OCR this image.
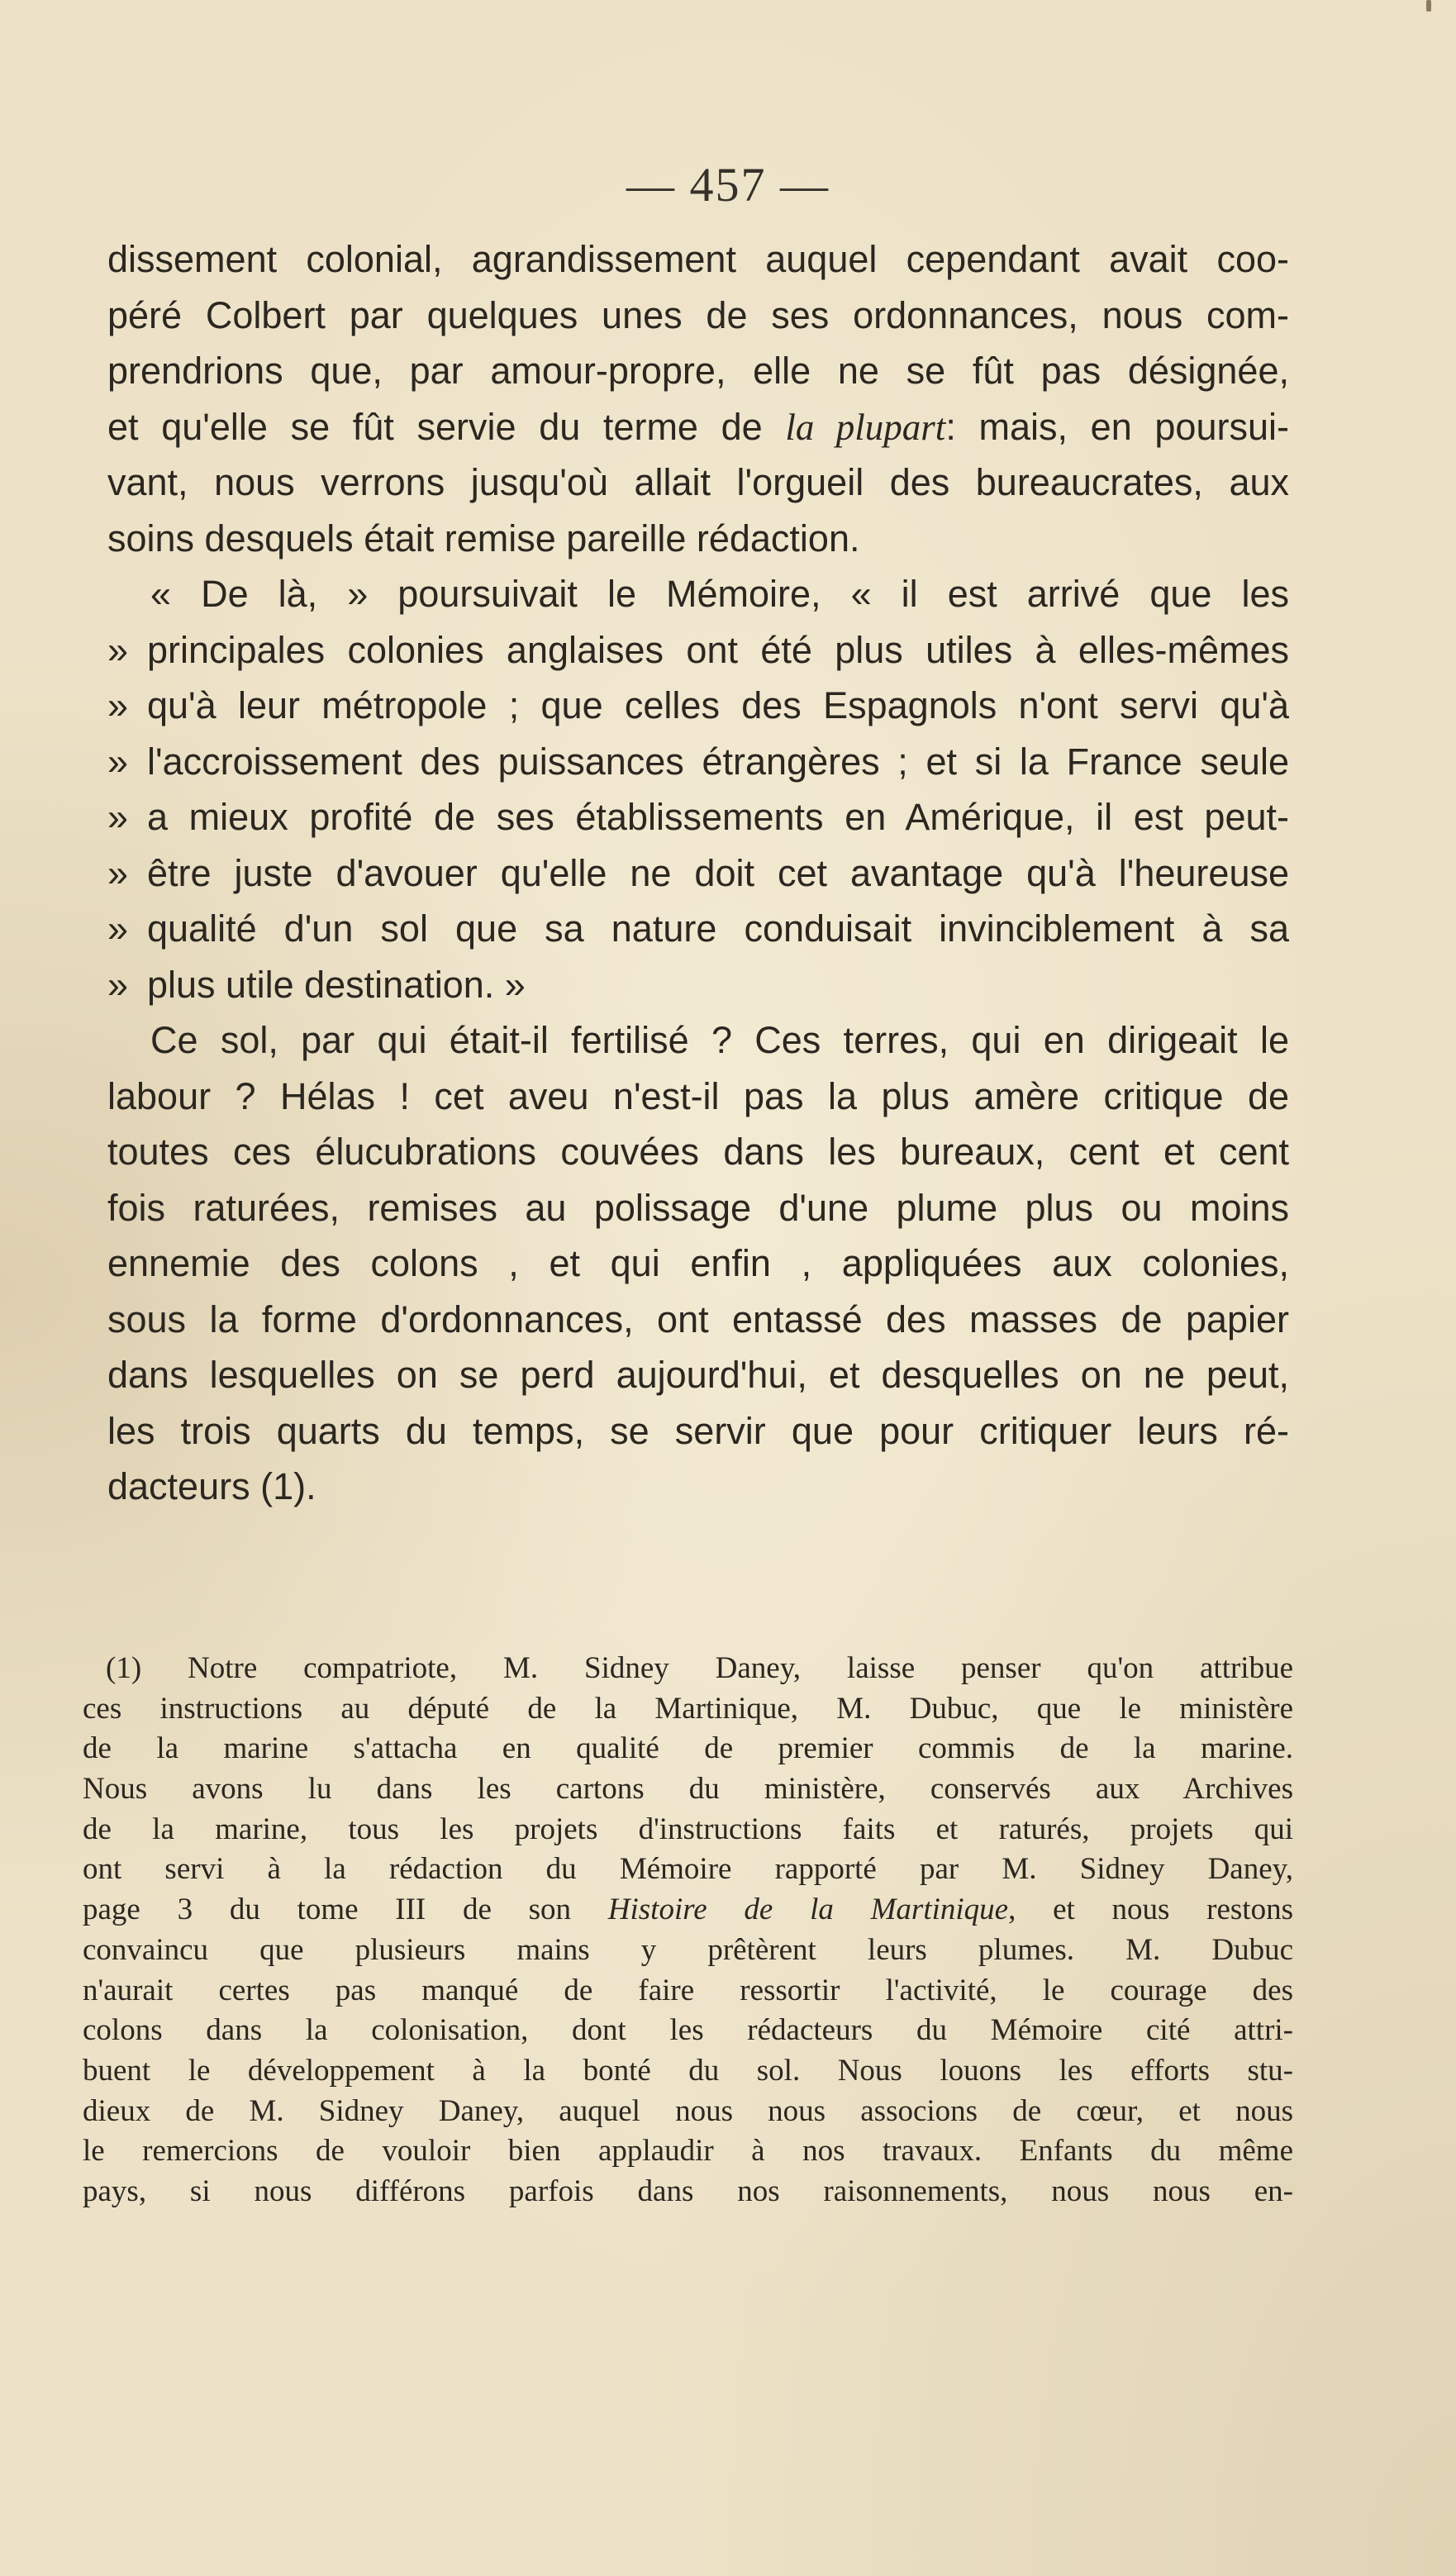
— 457 —
dissement colonial, agrandissement auquel cependant avait coo-
péré Colbert par quelques unes de ses ordonnances, nous com-
prendrions que, par amour-propre, elle ne se fût pas désignée,
et qu'elle se fût servie du terme de la plupart: mais, en poursui-
vant, nous verrons jusqu'où allait l'orgueil des bureaucrates, aux
soins desquels était remise pareille rédaction.
« De là, » poursuivait le Mémoire, « il est arrivé que les
» principales colonies anglaises ont été plus utiles à elles-mêmes
» qu'à leur métropole ; que celles des Espagnols n'ont servi qu'à
» l'accroissement des puissances étrangères ; et si la France seule
» a mieux profité de ses établissements en Amérique, il est peut-
» être juste d'avouer qu'elle ne doit cet avantage qu'à l'heureuse
» qualité d'un sol que sa nature conduisait invinciblement à sa
» plus utile destination. »
Ce sol, par qui était-il fertilisé ? Ces terres, qui en dirigeait le
labour ? Hélas ! cet aveu n'est-il pas la plus amère critique de
toutes ces élucubrations couvées dans les bureaux, cent et cent
fois raturées, remises au polissage d'une plume plus ou moins
ennemie des colons , et qui enfin , appliquées aux colonies,
sous la forme d'ordonnances, ont entassé des masses de papier
dans lesquelles on se perd aujourd'hui, et desquelles on ne peut,
les trois quarts du temps, se servir que pour critiquer leurs ré-
dacteurs (1).
(1) Notre compatriote, M. Sidney Daney, laisse penser qu'on attribue
ces instructions au député de la Martinique, M. Dubuc, que le ministère
de la marine s'attacha en qualité de premier commis de la marine.
Nous avons lu dans les cartons du ministère, conservés aux Archives
de la marine, tous les projets d'instructions faits et raturés, projets qui
ont servi à la rédaction du Mémoire rapporté par M. Sidney Daney,
page 3 du tome III de son Histoire de la Martinique, et nous restons
convaincu que plusieurs mains y prêtèrent leurs plumes. M. Dubuc
n'aurait certes pas manqué de faire ressortir l'activité, le courage des
colons dans la colonisation, dont les rédacteurs du Mémoire cité attri-
buent le développement à la bonté du sol. Nous louons les efforts stu-
dieux de M. Sidney Daney, auquel nous nous associons de cœur, et nous
le remercions de vouloir bien applaudir à nos travaux. Enfants du même
pays, si nous différons parfois dans nos raisonnements, nous nous en-
